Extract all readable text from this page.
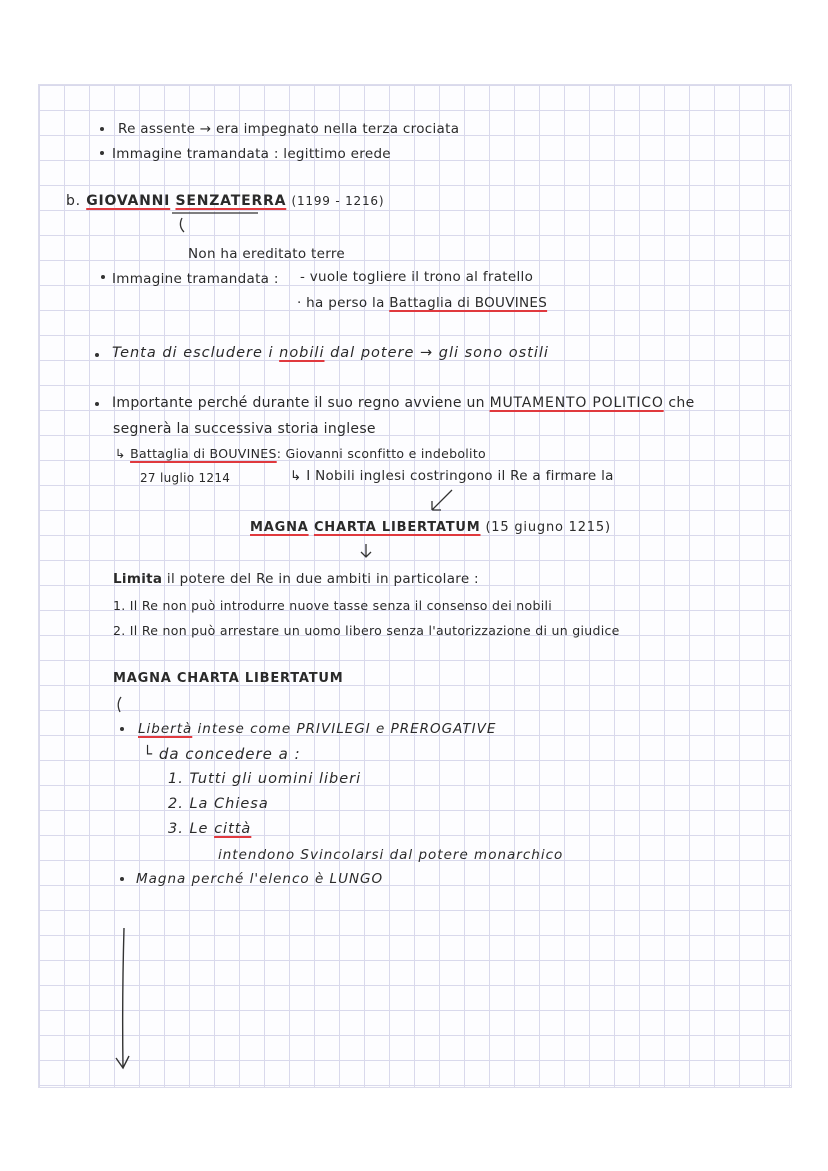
Re assente → era impegnato nella terza crociata
Immagine tramandata : legittimo erede
b. GIOVANNI SENZATERRA (1199 - 1216)
Non ha ereditato terre
Immagine tramandata : - vuole togliere il trono al fratello
· ha perso la Battaglia di BOUVINES
Tenta di escludere i nobili dal potere → gli sono ostili
Importante perché durante il suo regno avviene un MUTAMENTO POLITICO che
segnerà la successiva storia inglese
↳ Battaglia di BOUVINES: Giovanni sconfitto e indebolito
27 luglio 1214	↳ I Nobili inglesi costringono il Re a firmare la
MAGNA CHARTA LIBERTATUM (15 giugno 1215)
Limita il potere del Re in due ambiti in particolare :
1. Il Re non può introdurre nuove tasse senza il consenso dei nobili
2. Il Re non può arrestare un uomo libero senza l'autorizzazione di un giudice
MAGNA CHARTA LIBERTATUM
Libertà intese come PRIVILEGI e PREROGATIVE
└ da concedere a :
1. Tutti gli uomini liberi
2. La Chiesa
3. Le città
intendono Svincolarsi dal potere monarchico
Magna perché l'elenco è LUNGO
